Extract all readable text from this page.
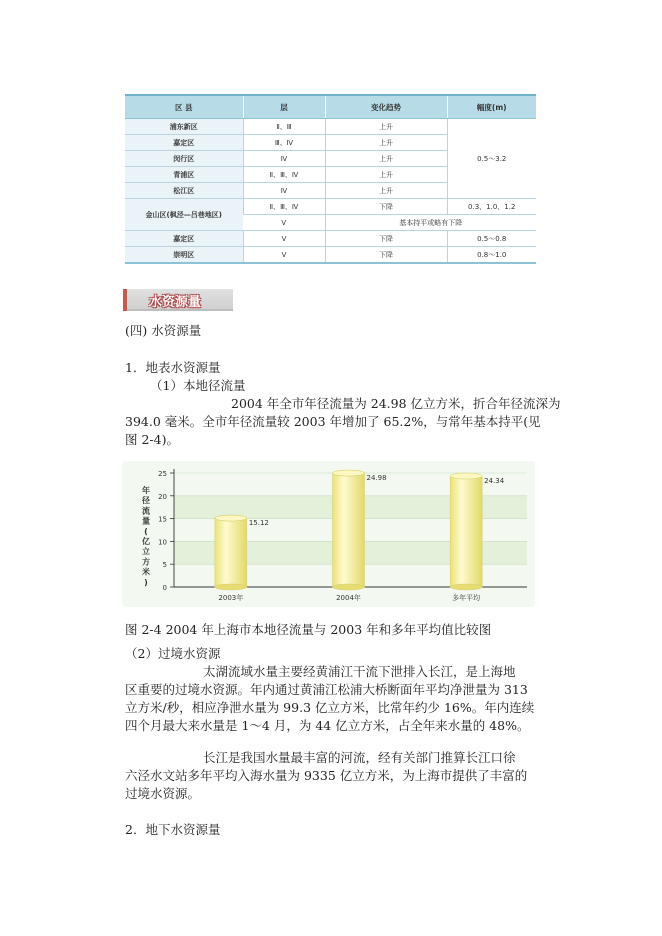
区 县	层	变化趋势	幅度(m)
浦东新区	Ⅱ、Ⅲ	上升	0.5～3.2
嘉定区	Ⅲ、Ⅳ	上升	
闵行区	Ⅳ	上升	
青浦区	Ⅱ、Ⅲ、Ⅳ	上升	
松江区	Ⅳ	上升	
金山区(枫泾—吕巷地区)	Ⅱ、Ⅲ、Ⅳ	下降	0.3、1.0、1.2
	Ⅴ	基本持平或略有下降	
嘉定区	Ⅴ	下降	0.5～0.8
崇明区	Ⅴ	下降	0.8～1.0
水资源量
(四) 水资源量
1．地表水资源量
（1）本地径流量
2004 年全市年径流量为 24.98 亿立方米，折合年径流深为
394.0 毫米。全市年径流量较 2003 年增加了 65.2%，与常年基本持平(见
图 2-4)。
0
5
10
15
20
25
年径流量(亿立方米)
15.12
2003年
24.98
2004年
24.34
多年平均
图 2-4 2004 年上海市本地径流量与 2003 年和多年平均值比较图
（2）过境水资源
太湖流域水量主要经黄浦江干流下泄排入长江，是上海地
区重要的过境水资源。年内通过黄浦江松浦大桥断面年平均净泄量为 313
立方米/秒，相应净泄水量为 99.3 亿立方米，比常年约少 16%。年内连续
四个月最大来水量是 1～4 月，为 44 亿立方米，占全年来水量的 48%。
长江是我国水量最丰富的河流，经有关部门推算长江口徐
六泾水文站多年平均入海水量为 9335 亿立方米，为上海市提供了丰富的
过境水资源。
2．地下水资源量
